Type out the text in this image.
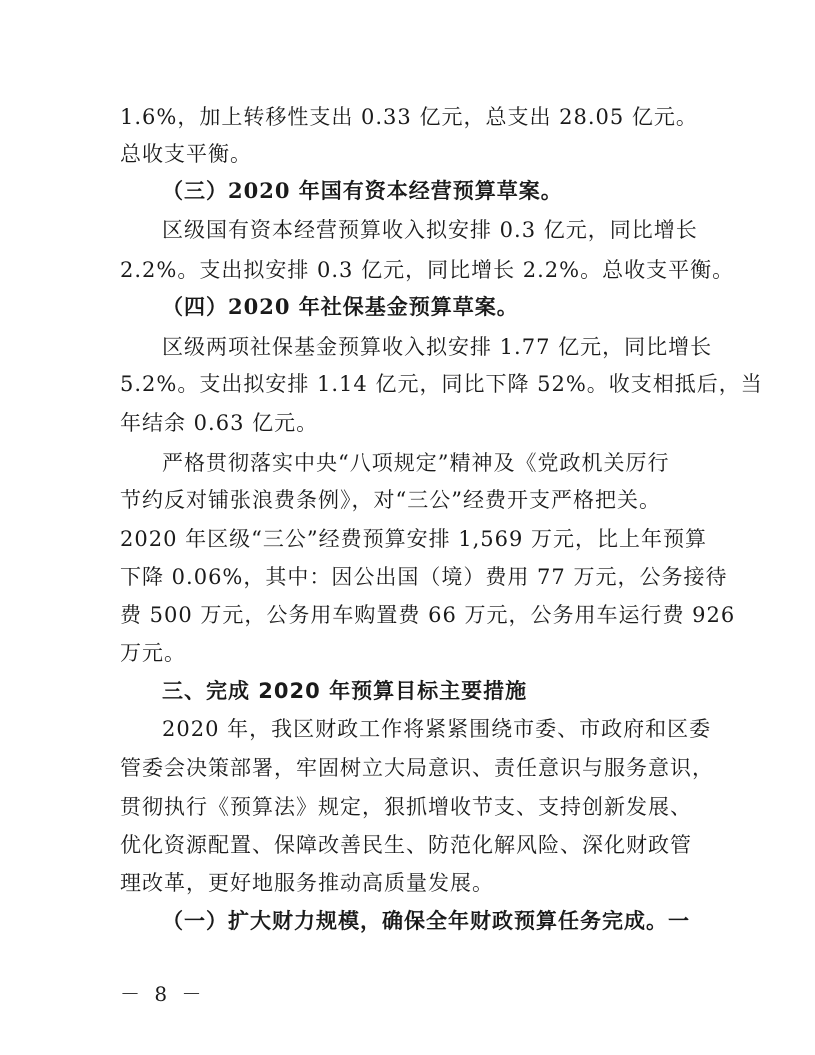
1.6%，加上转移性支出 0.33 亿元，总支出 28.05 亿元。
总收支平衡。
（三）2020 年国有资本经营预算草案。
区级国有资本经营预算收入拟安排 0.3 亿元，同比增长
2.2%。支出拟安排 0.3 亿元，同比增长 2.2%。总收支平衡。
（四）2020 年社保基金预算草案。
区级两项社保基金预算收入拟安排 1.77 亿元，同比增长
5.2%。支出拟安排 1.14 亿元，同比下降 52%。收支相抵后，当
年结余 0.63 亿元。
严格贯彻落实中央“八项规定”精神及《党政机关厉行
节约反对铺张浪费条例》，对“三公”经费开支严格把关。
2020 年区级“三公”经费预算安排 1,569 万元，比上年预算
下降 0.06%，其中：因公出国（境）费用 77 万元，公务接待
费 500 万元，公务用车购置费 66 万元，公务用车运行费 926
万元。
三、完成 2020 年预算目标主要措施
2020 年，我区财政工作将紧紧围绕市委、市政府和区委
管委会决策部署，牢固树立大局意识、责任意识与服务意识，
贯彻执行《预算法》规定，狠抓增收节支、支持创新发展、
优化资源配置、保障改善民生、防范化解风险、深化财政管
理改革，更好地服务推动高质量发展。
（一）扩大财力规模，确保全年财政预算任务完成。一
－ 8 －
